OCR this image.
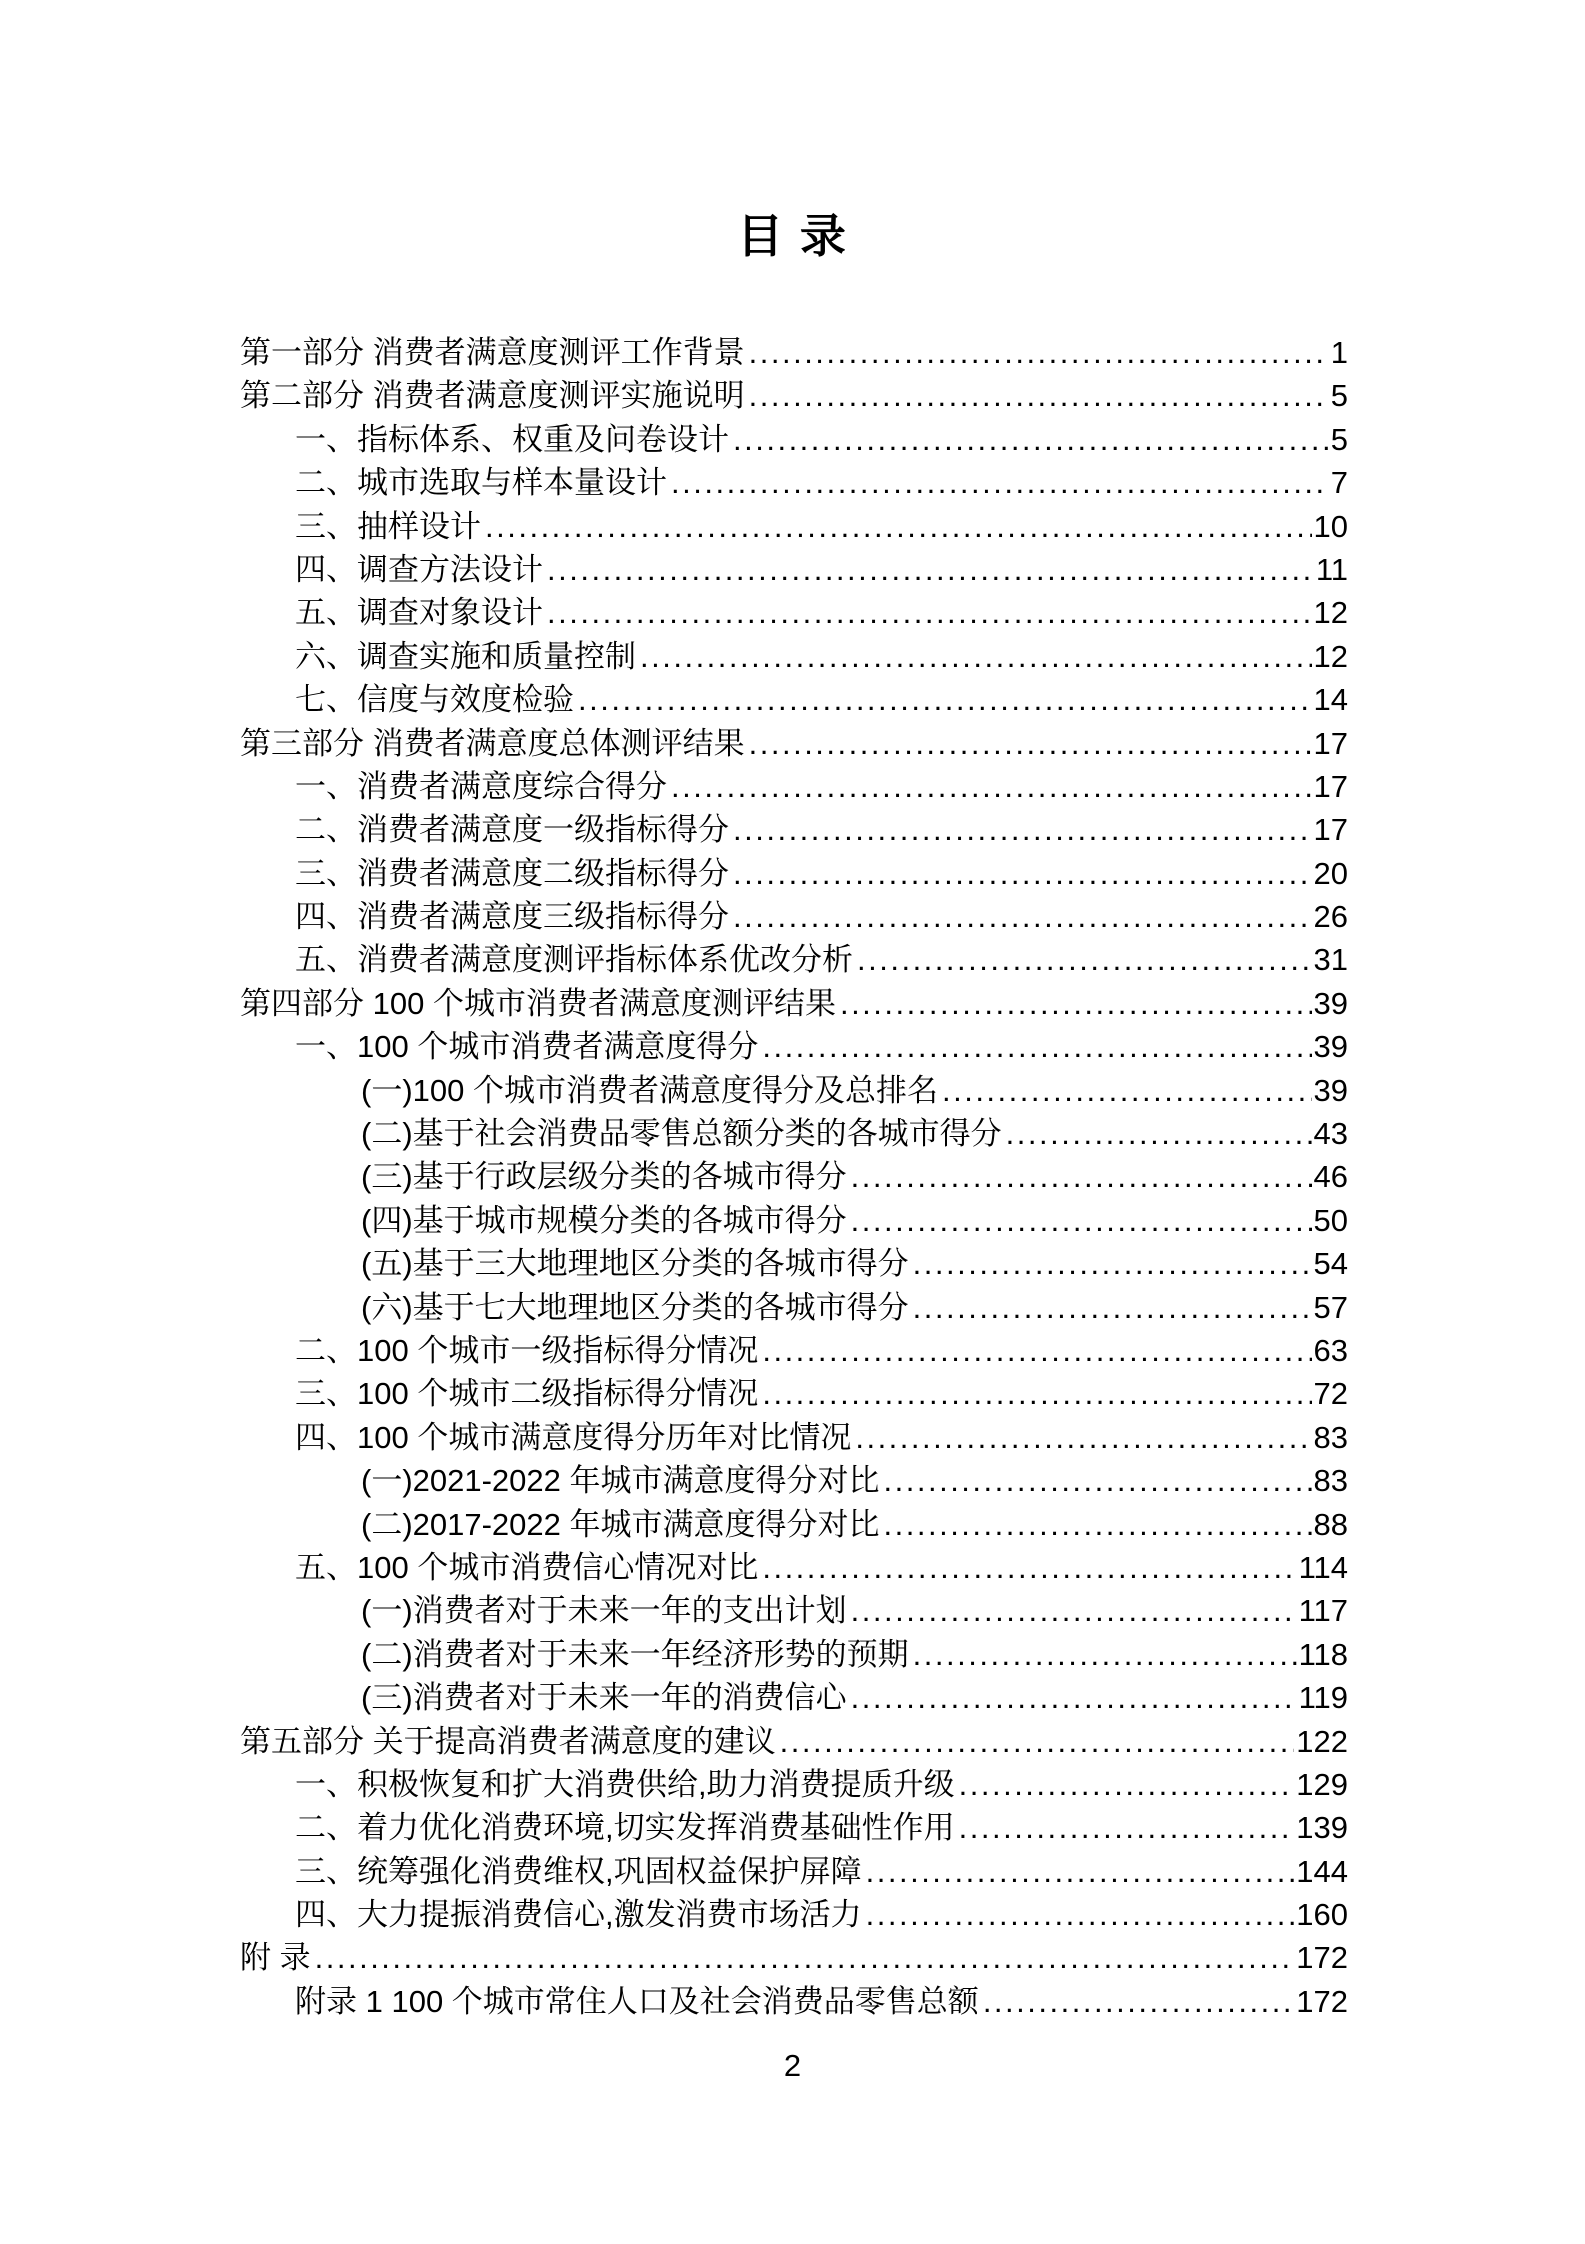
目 录
第一部分 消费者满意度测评工作背景 .....	1
第二部分 消费者满意度测评实施说明 .....	5
一、指标体系、权重及问卷设计 .....	5
二、城市选取与样本量设计 .....	7
三、抽样设计 .....	10
四、调查方法设计 .....	11
五、调查对象设计 .....	12
六、调查实施和质量控制 .....	12
七、信度与效度检验 .....	14
第三部分 消费者满意度总体测评结果 .....	17
一、消费者满意度综合得分 .....	17
二、消费者满意度一级指标得分 .....	17
三、消费者满意度二级指标得分 .....	20
四、消费者满意度三级指标得分 .....	26
五、消费者满意度测评指标体系优改分析 .....	31
第四部分 100 个城市消费者满意度测评结果 .....	39
一、100 个城市消费者满意度得分 .....	39
(一)100 个城市消费者满意度得分及总排名 .....	39
(二)基于社会消费品零售总额分类的各城市得分 .....	43
(三)基于行政层级分类的各城市得分 .....	46
(四)基于城市规模分类的各城市得分 .....	50
(五)基于三大地理地区分类的各城市得分 .....	54
(六)基于七大地理地区分类的各城市得分 .....	57
二、100 个城市一级指标得分情况 .....	63
三、100 个城市二级指标得分情况 .....	72
四、100 个城市满意度得分历年对比情况 .....	83
(一)2021-2022 年城市满意度得分对比 .....	83
(二)2017-2022 年城市满意度得分对比 .....	88
五、100 个城市消费信心情况对比 .....	114
(一)消费者对于未来一年的支出计划 .....	117
(二)消费者对于未来一年经济形势的预期 .....	118
(三)消费者对于未来一年的消费信心 .....	119
第五部分 关于提高消费者满意度的建议 .....	122
一、积极恢复和扩大消费供给,助力消费提质升级 .....	129
二、着力优化消费环境,切实发挥消费基础性作用 .....	139
三、统筹强化消费维权,巩固权益保护屏障 .....	144
四、大力提振消费信心,激发消费市场活力 .....	160
附 录 .....	172
附录 1 100 个城市常住人口及社会消费品零售总额 .....	172
2
